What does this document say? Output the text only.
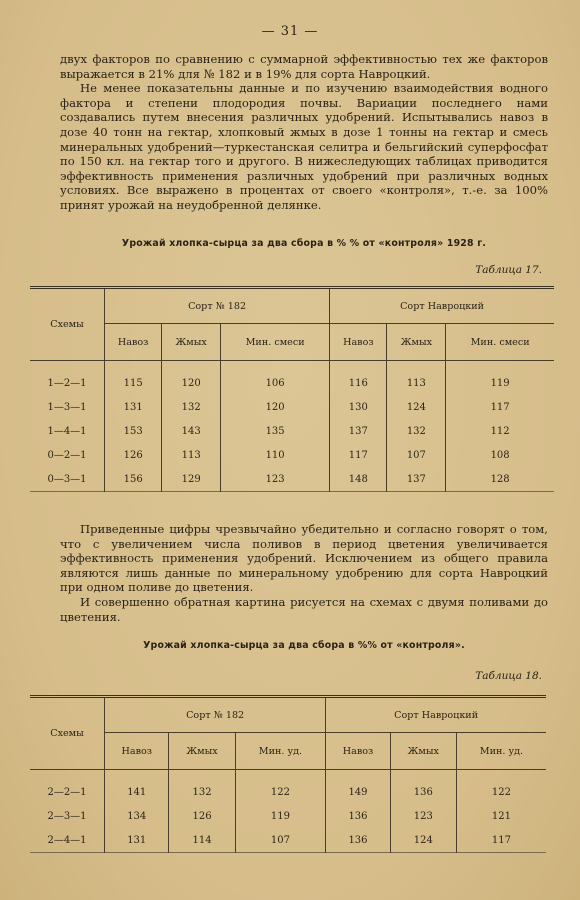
— 31 —

двух факторов по сравнению с суммарной эффективностью тех же факторов выражается в 21% для № 182 и в 19% для сорта Навроцкий.

Не менее показательны данные и по изучению взаимодействия водного фактора и степени плодородия почвы. Вариации последнего нами создавались путем внесения различных удобрений. Испытывались навоз в дозе 40 тонн на гектар, хлопковый жмых в дозе 1 тонны на гектар и смесь минеральных удобрений—туркестанская селитра и бельгийский суперфосфат по 150 кл. на гектар того и другого. В нижеследующих таблицах приводится эффективность применения различных удобрений при различных водных условиях. Все выражено в процентах от своего «контроля», т.-е. за 100% принят урожай на неудобренной делянке.

Урожай хлопка-сырца за два сбора в % % от «контроля» 1928 г.
Таблица 17.
Схемы	Сорт № 182			Сорт Навроцкий		
	Навоз	Жмых	Мин. смеси	Навоз	Жмых	Мин. смеси
1—2—1	115	120	106	116	113	119
1—3—1	131	132	120	130	124	117
1—4—1	153	143	135	137	132	112
0—2—1	126	113	110	117	107	108
0—3—1	156	129	123	148	137	128

Приведенные цифры чрезвычайно убедительно и согласно говорят о том, что с увеличением числа поливов в период цветения увеличивается эффективность применения удобрений. Исключением из общего правила являются лишь данные по минеральному удобрению для сорта Навроцкий при одном поливе до цветения.

И совершенно обратная картина рисуется на схемах с двумя поливами до цветения.

Урожай хлопка-сырца за два сбора в %% от «контроля».
Таблица 18.
Схемы	Сорт № 182			Сорт Навроцкий		
	Навоз	Жмых	Мин. уд.	Навоз	Жмых	Мин. уд.
2—2—1	141	132	122	149	136	122
2—3—1	134	126	119	136	123	121
2—4—1	131	114	107	136	124	117
